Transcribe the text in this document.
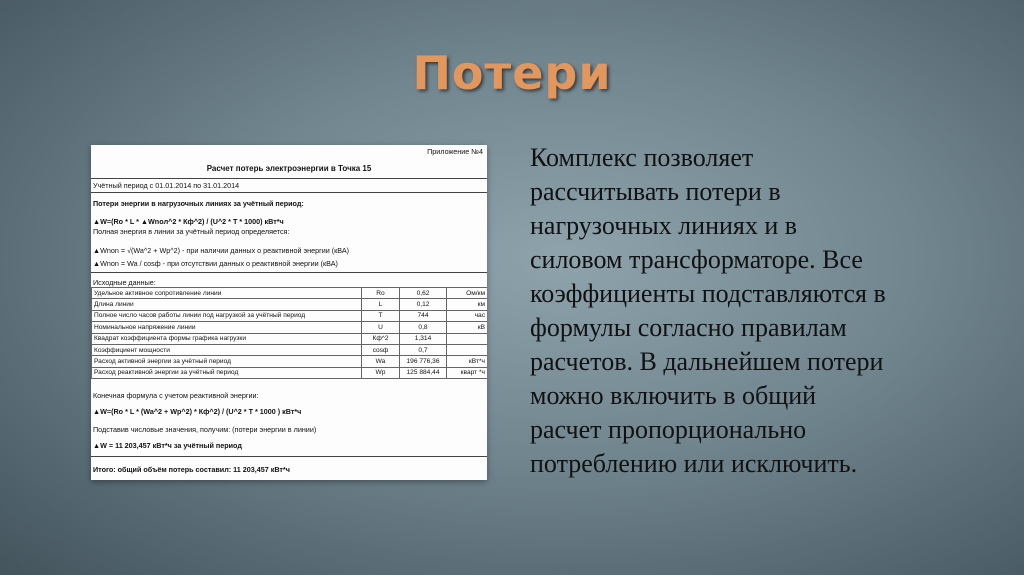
Потери
Приложение №4
Расчет потерь электроэнергии в Точка 15
Учётный период с 01.01.2014 по 31.01.2014
Потери энергии в нагрузочных линиях за учётный период:
▲W=(Ro * L * ▲Wnoл^2 * Кф^2) / (U^2 * T * 1000) кВт*ч
Полная энергия в линии за учётный период определяется:
▲Wnon = √(Wa^2 + Wp^2) - при наличии данных о реактивной энергии (кВА)
▲Wnon = Wa / cosф - при отсутствии данных о реактивной энергии (кВА)
Исходные данные:
Удельное активное сопротивление линии	Ro	0,62	Ом/км
Длина линии	L	0,12	км
Полное число часов работы линии под нагрузкой за учётный период	T	744	час
Номинальное напряжение линии	U	0,8	кВ
Квадрат коэффициента формы графика нагрузки	Кф^2	1,314	
Коэффициент мощности	cosф	0,7	
Расход активной энергии за учётный период	Wa	196 776,36	кВт*ч
Расход реактивной энергии за учётный период	Wp	125 884,44	кварт *ч
Конечная формула с учетом реактивной энергии:
▲W=(Ro * L * (Wa^2 + Wp^2) * Кф^2) / (U^2 * T * 1000 ) кВт*ч
Подставив числовые значения, получим: (потери энергии в линии)
▲W = 11 203,457 кВт*ч за учётный период
Итого: общий объём потерь составил: 11 203,457 кВт*ч
Комплекс позволяет
рассчитывать потери в
нагрузочных линиях и в
силовом трансформаторе. Все
коэффициенты подставляются в
формулы согласно правилам
расчетов. В дальнейшем потери
можно включить в общий
расчет пропорционально
потреблению или исключить.
